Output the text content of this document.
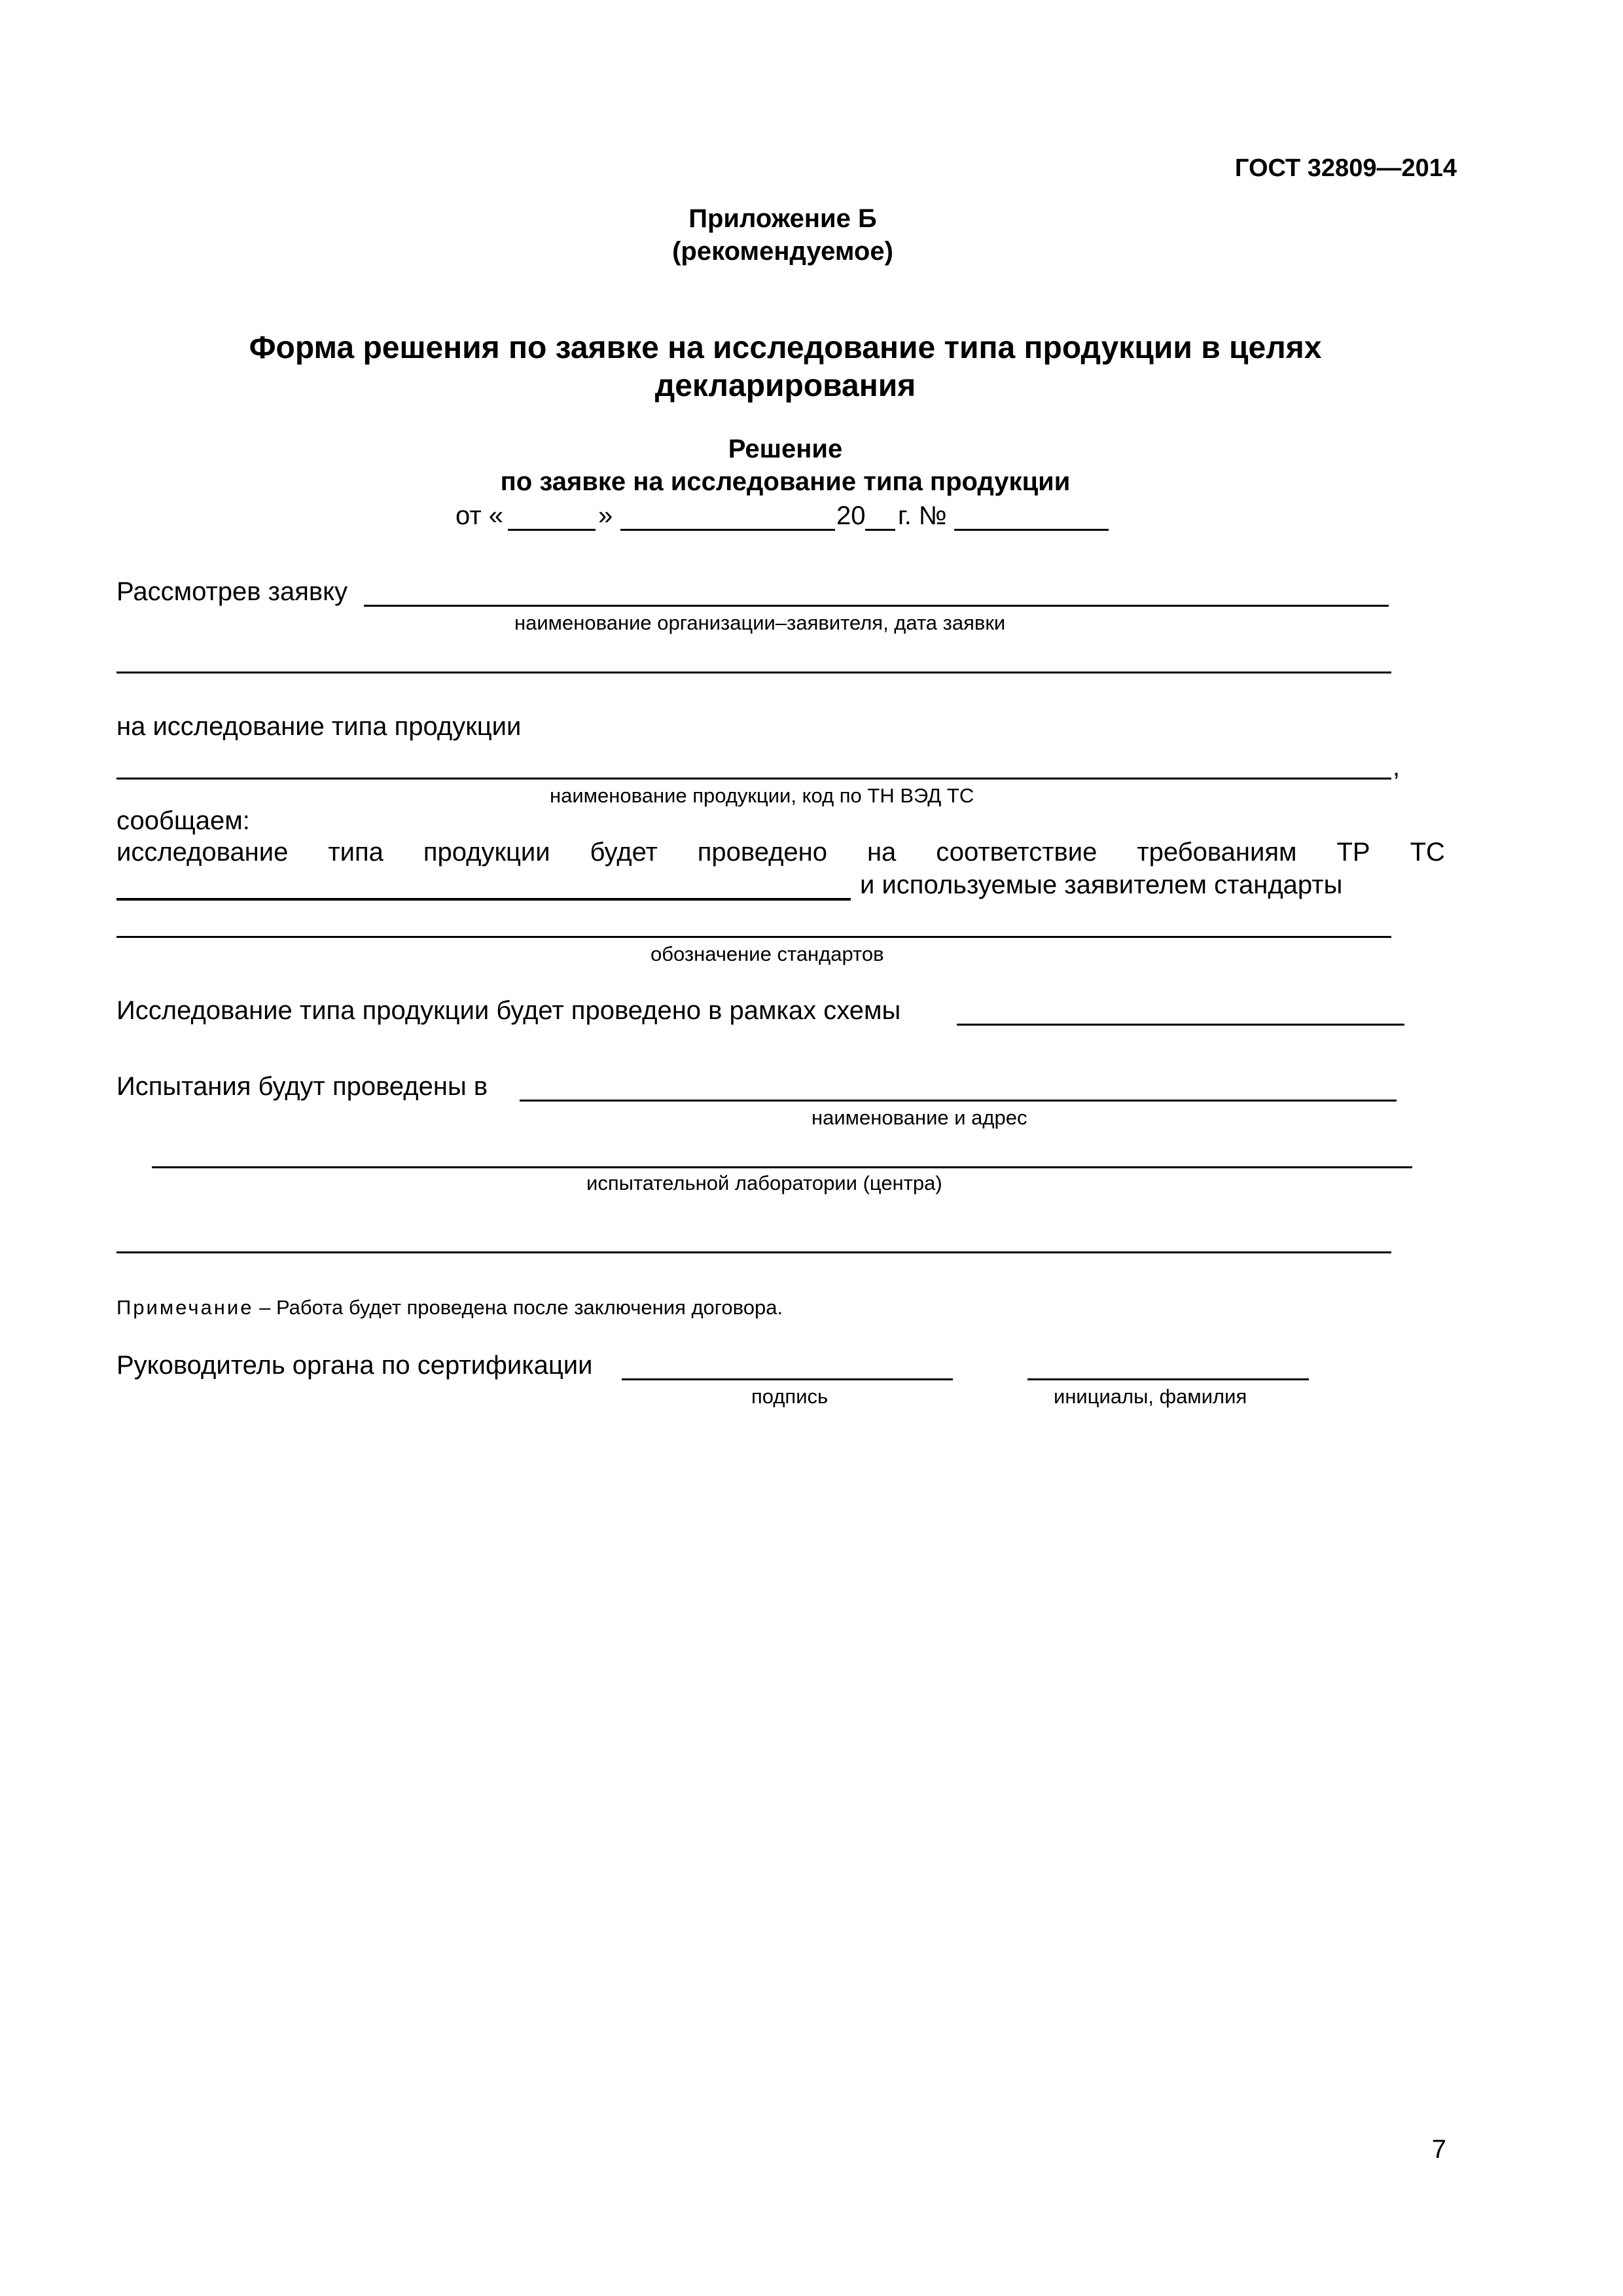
ГОСТ 32809—2014
Приложение Б
(рекомендуемое)
Форма решения по заявке на исследование типа продукции в целях
декларирования
Решение
по заявке на исследование типа продукции
от «	»	20 г. №
Рассмотрев заявку
наименование организации–заявителя, дата заявки
на исследование типа продукции
,
наименование продукции, код по ТН ВЭД ТС
сообщаем:
исследование типа продукции будет проведено на соответствие требованиям ТР ТС
и используемые заявителем стандарты
обозначение стандартов
Исследование типа продукции будет проведено в рамках схемы
Испытания будут проведены в
наименование и адрес
испытательной лаборатории (центра)
Примечание – Работа будет проведена после заключения договора.
Руководитель органа по сертификации
подпись	инициалы, фамилия
7
